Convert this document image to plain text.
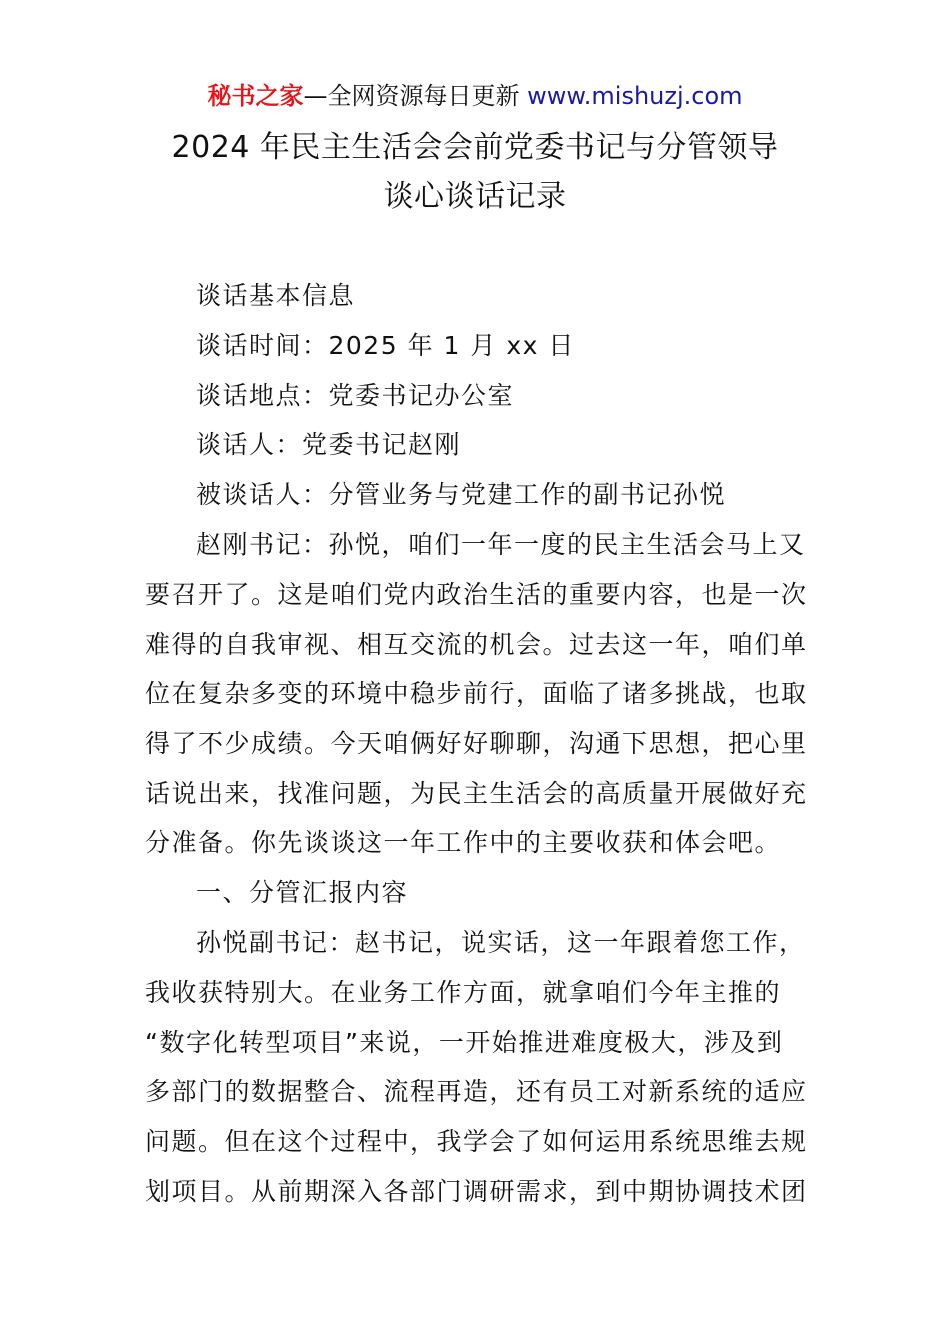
秘书之家—全网资源每日更新 www.mishuzj.com
2024 年民主生活会会前党委书记与分管领导
谈心谈话记录
谈话基本信息
谈话时间：2025 年 1 月 xx 日
谈话地点：党委书记办公室
谈话人：党委书记赵刚
被谈话人：分管业务与党建工作的副书记孙悦
赵刚书记：孙悦，咱们一年一度的民主生活会马上又
要召开了。这是咱们党内政治生活的重要内容，也是一次
难得的自我审视、相互交流的机会。过去这一年，咱们单
位在复杂多变的环境中稳步前行，面临了诸多挑战，也取
得了不少成绩。今天咱俩好好聊聊，沟通下思想，把心里
话说出来，找准问题，为民主生活会的高质量开展做好充
分准备。你先谈谈这一年工作中的主要收获和体会吧。
一、分管汇报内容
孙悦副书记：赵书记，说实话，这一年跟着您工作，
我收获特别大。在业务工作方面，就拿咱们今年主推的
“数字化转型项目”来说，一开始推进难度极大，涉及到
多部门的数据整合、流程再造，还有员工对新系统的适应
问题。但在这个过程中，我学会了如何运用系统思维去规
划项目。从前期深入各部门调研需求，到中期协调技术团
